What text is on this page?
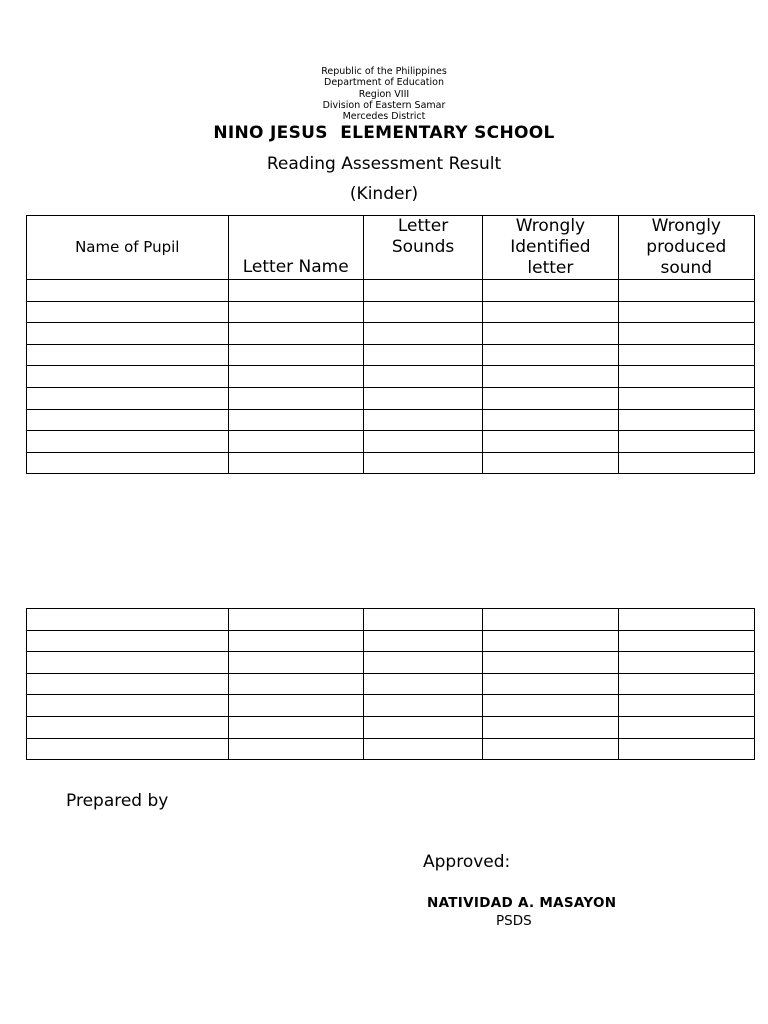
Republic of the Philippines
Department of Education
Region VIII
Division of Eastern Samar
Mercedes District
NINO JESUS  ELEMENTARY SCHOOL
Reading Assessment Result
(Kinder)
Name of Pupil	Letter Name	Letter Sounds	Wrongly Identified letter	Wrongly produced sound

Prepared by
Approved:
NATIVIDAD A. MASAYON
PSDS
